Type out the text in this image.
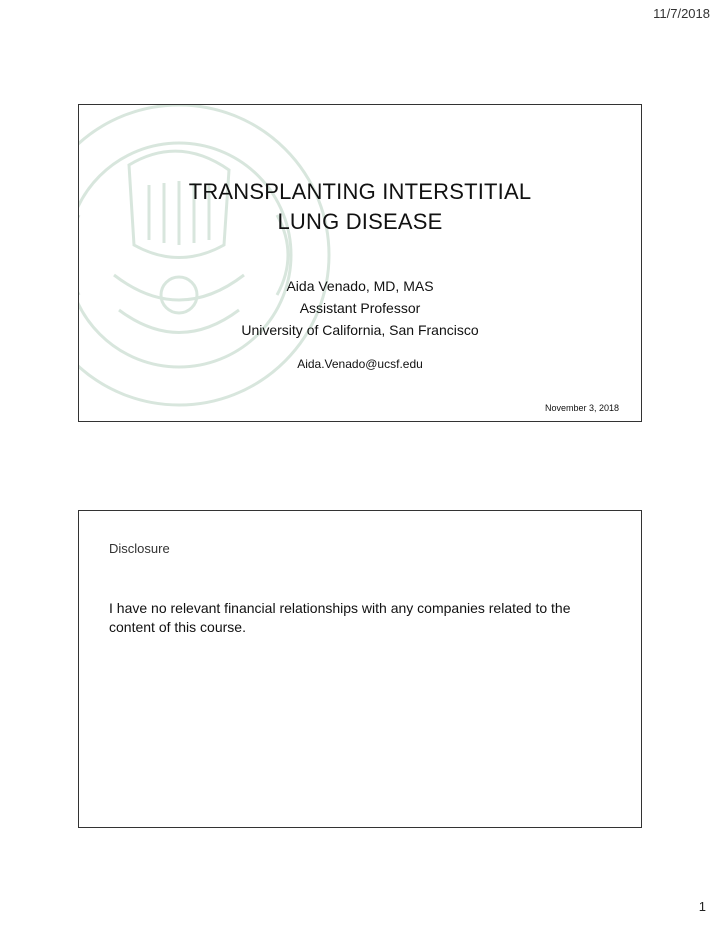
11/7/2018
TRANSPLANTING INTERSTITIAL
LUNG DISEASE
Aida Venado, MD, MAS
Assistant Professor
University of California, San Francisco
Aida.Venado@ucsf.edu
November 3, 2018
Disclosure
I have no relevant financial relationships with any companies related to the content of this course.
1
